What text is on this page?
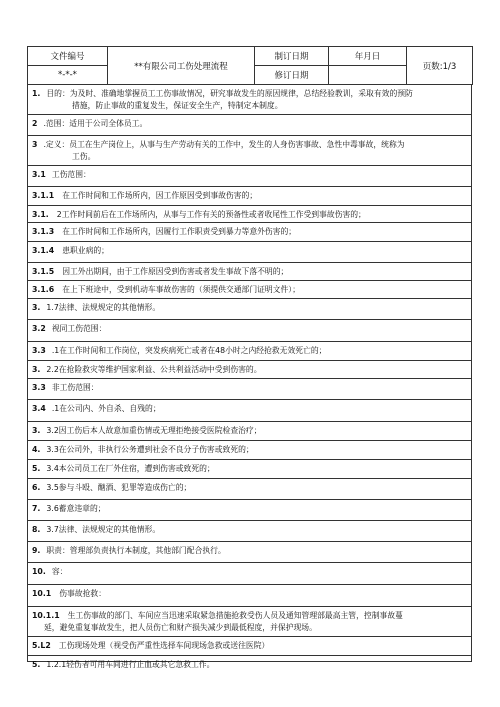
文件编号	**有限公司工伤处理流程	制订日期	年月日	页数:1/3
*-*-*		修订日期		
1. 目的：为及时、准确地掌握员工工伤事故情况，研究事故发生的原因规律，总结经验教训，采取有效的预防
措施，防止事故的重复发生，保证安全生产，特制定本制度。
2 .范围：适用于公司全体员工。
3 .定义：员工在生产岗位上，从事与生产劳动有关的工作中，发生的人身伤害事故、急性中毒事故，统称为
工伤。
3.1 工伤范围：
3.1.1 在工作时间和工作场所内，因工作原因受到事故伤害的；
3.1. 2工作时间前后在工作场所内，从事与工作有关的预备性或者收尾性工作受到事故伤害的；
3.1.3 在工作时间和工作场所内，因履行工作职责受到暴力等意外伤害的；
3.1.4 患职业病的；
3.1.5 因工外出期间，由于工作原因受到伤害或者发生事故下落不明的；
3.1.6 在上下班途中，受到机动车事故伤害的（须提供交通部门证明文件）；
3. 1.7法律、法规规定的其他情形。
3.2 视同工伤范围：
3.3 .1在工作时间和工作岗位，突发疾病死亡或者在48小时之内经抢救无效死亡的；
3. 2.2在抢险救灾等维护国家利益、公共利益活动中受到伤害的。
3.3 非工伤范围：
3.4 .1在公司内、外自杀、自残的；
3. 3.2因工伤后本人故意加重伤情或无理拒绝接受医院检查治疗；
4. 3.3在公司外，非执行公务遭到社会不良分子伤害或致死的；
5. 3.4本公司员工在厂外住宿，遭到伤害或致死的；
6. 3.5参与斗殴、酗酒、犯罪等造成伤亡的；
7. 3.6蓄意违章的；
8. 3.7法律、法规规定的其他情形。
9. 职责：管理部负责执行本制度，其他部门配合执行。
10. 容：
10.1 伤事故抢救：
10.1.1 生工伤事故的部门、车间应当迅速采取紧急措施抢救受伤人员及通知管理部最高主管，控制事故蔓
延，避免重复事故发生，把人员伤亡和财产损失减少到最低程度，并保护现场。
5.L2 工伤现场处理（视受伤严重性选择车间现场急救或送往医院）
5. 1.2.1轻伤者可用车间进行止血或其它急救工作。
